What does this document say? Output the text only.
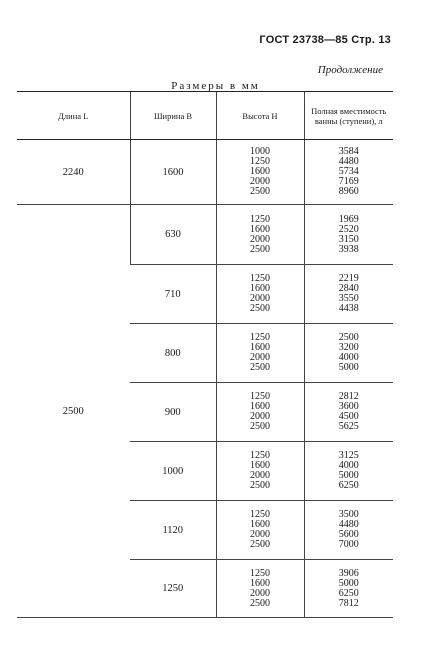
ГОСТ 23738—85 Стр. 13
Продолжение
Размеры в мм
Длина L	Ширина B	Высота H	Полная вместимость
ванны (ступени), л
2240	1600	1000
1250
1600
2000
2500	3584
4480
5734
7169
8960

2500	630	1250
1600
2000
2500	1969
2520
3150
3938

	710	1250
1600
2000
2500	2219
2840
3550
4438

	800	1250
1600
2000
2500	2500
3200
4000
5000

	900	1250
1600
2000
2500	2812
3600
4500
5625

	1000	1250
1600
2000
2500	3125
4000
5000
6250

	1120	1250
1600
2000
2500	3500
4480
5600
7000

	1250	1250
1600
2000
2500	3906
5000
6250
7812
